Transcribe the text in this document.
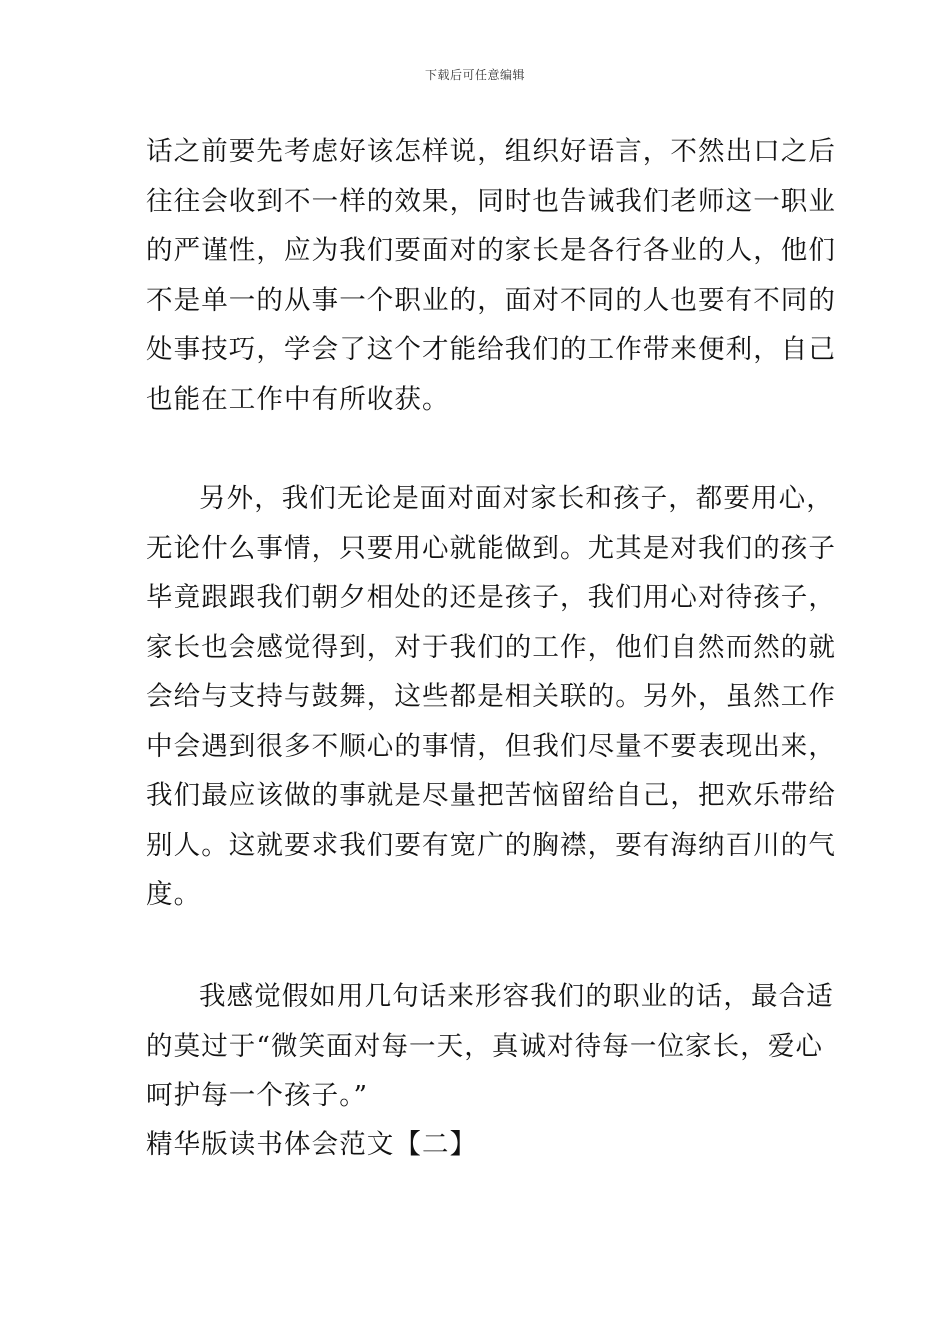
下载后可任意编辑
话之前要先考虑好该怎样说，组织好语言，不然出口之后
往往会收到不一样的效果，同时也告诫我们老师这一职业
的严谨性，应为我们要面对的家长是各行各业的人，他们
不是单一的从事一个职业的，面对不同的人也要有不同的
处事技巧，学会了这个才能给我们的工作带来便利，自己
也能在工作中有所收获。
另外，我们无论是面对面对家长和孩子，都要用心，
无论什么事情，只要用心就能做到。尤其是对我们的孩子
毕竟跟跟我们朝夕相处的还是孩子，我们用心对待孩子，
家长也会感觉得到，对于我们的工作，他们自然而然的就
会给与支持与鼓舞，这些都是相关联的。另外，虽然工作
中会遇到很多不顺心的事情，但我们尽量不要表现出来，
我们最应该做的事就是尽量把苦恼留给自己，把欢乐带给
别人。这就要求我们要有宽广的胸襟，要有海纳百川的气
度。
我感觉假如用几句话来形容我们的职业的话，最合适
的莫过于“微笑面对每一天，真诚对待每一位家长，爱心
呵护每一个孩子。”
精华版读书体会范文【二】
